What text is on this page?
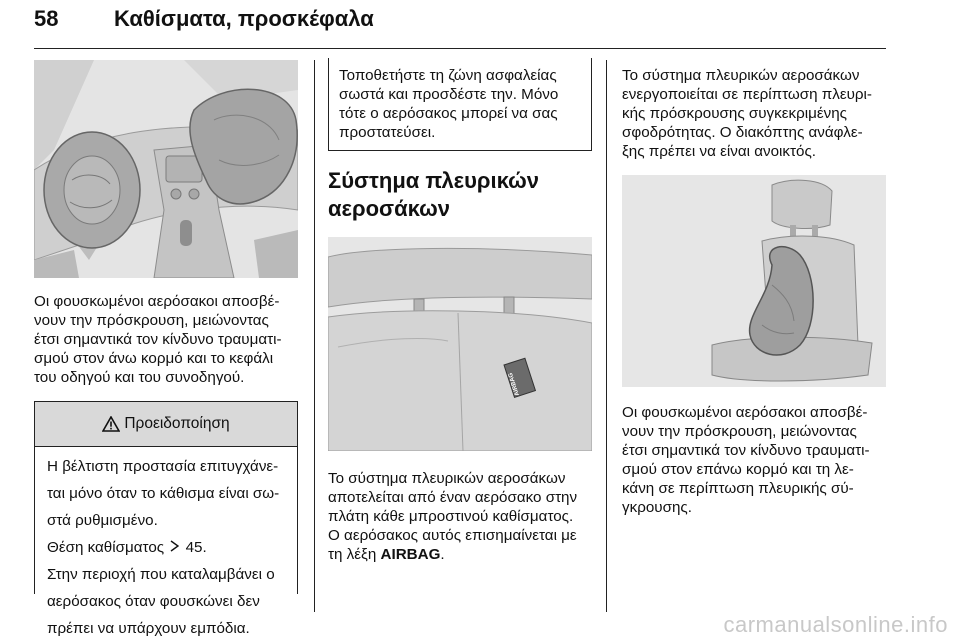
58	Καθίσματα, προσκέφαλα

Οι φουσκωμένοι αερόσακοι αποσβέ-

νουν την πρόσκρουση, μειώνοντας

έτσι σημαντικά τον κίνδυνο τραυματι-

σμού στον άνω κορμό και το κεφάλι

του οδηγού και του συνοδηγού.

Προειδοποίηση

Η βέλτιστη προστασία επιτυγχάνε-

ται μόνο όταν το κάθισμα είναι σω-

στά ρυθμισμένο.

Θέση καθίσματος 45.

Στην περιοχή που καταλαμβάνει ο

αερόσακος όταν φουσκώνει δεν

πρέπει να υπάρχουν εμπόδια.

Τοποθετήστε τη ζώνη ασφαλείας

σωστά και προσδέστε την. Μόνο

τότε ο αερόσακος μπορεί να σας

προστατεύσει.

Σύστημα πλευρικών

αεροσάκων

AIRBAG

Το σύστημα πλευρικών αεροσάκων

αποτελείται από έναν αερόσακο στην

πλάτη κάθε μπροστινού καθίσματος.

Ο αερόσακος αυτός επισημαίνεται με

τη λέξη AIRBAG.

Το σύστημα πλευρικών αεροσάκων

ενεργοποιείται σε περίπτωση πλευρι-

κής πρόσκρουσης συγκεκριμένης

σφοδρότητας. Ο διακόπτης ανάφλε-

ξης πρέπει να είναι ανοικτός.

Οι φουσκωμένοι αερόσακοι αποσβέ-

νουν την πρόσκρουση, μειώνοντας

έτσι σημαντικά τον κίνδυνο τραυματι-

σμού στον επάνω κορμό και τη λε-

κάνη σε περίπτωση πλευρικής σύ-

γκρουσης.

carmanualsonline.info
